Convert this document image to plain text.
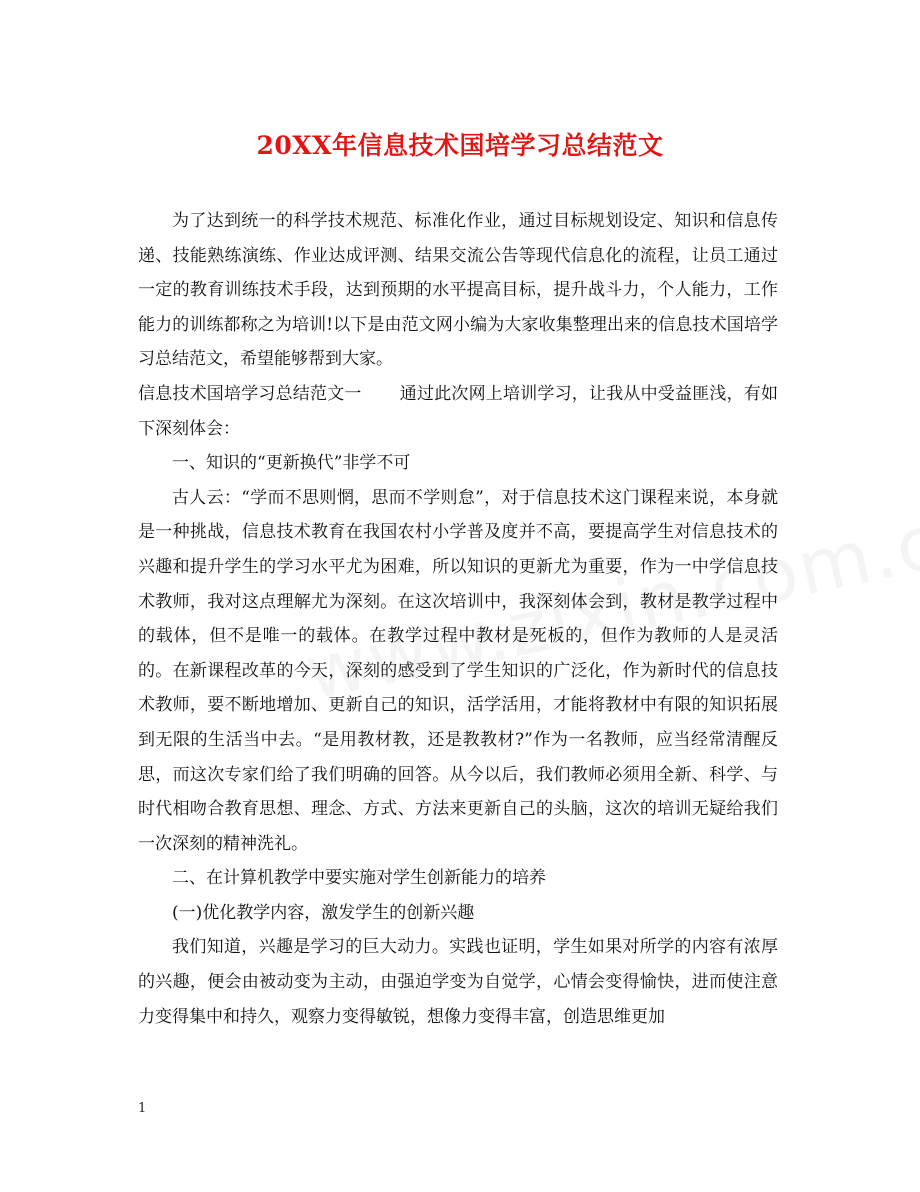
20XX年信息技术国培学习总结范文

为了达到统一的科学技术规范、标准化作业，通过目标规划设定、知识和信息传递、技能熟练演练、作业达成评测、结果交流公告等现代信息化的流程，让员工通过一定的教育训练技术手段，达到预期的水平提高目标，提升战斗力，个人能力，工作能力的训练都称之为培训!以下是由范文网小编为大家收集整理出来的信息技术国培学习总结范文，希望能够帮到大家。

信息技术国培学习总结范文一 通过此次网上培训学习，让我从中受益匪浅，有如下深刻体会：

一、知识的“更新换代”非学不可

古人云：“学而不思则惘，思而不学则怠”，对于信息技术这门课程来说，本身就是一种挑战，信息技术教育在我国农村小学普及度并不高，要提高学生对信息技术的兴趣和提升学生的学习水平尤为困难，所以知识的更新尤为重要，作为一中学信息技术教师，我对这点理解尤为深刻。在这次培训中，我深刻体会到，教材是教学过程中的载体，但不是唯一的载体。在教学过程中教材是死板的，但作为教师的人是灵活的。在新课程改革的今天，深刻的感受到了学生知识的广泛化，作为新时代的信息技术教师，要不断地增加、更新自己的知识，活学活用，才能将教材中有限的知识拓展到无限的生活当中去。“是用教材教，还是教教材?”作为一名教师，应当经常清醒反思，而这次专家们给了我们明确的回答。从今以后，我们教师必须用全新、科学、与时代相吻合教育思想、理念、方式、方法来更新自己的头脑，这次的培训无疑给我们一次深刻的精神洗礼。

二、在计算机教学中要实施对学生创新能力的培养

(一)优化教学内容，激发学生的创新兴趣

我们知道，兴趣是学习的巨大动力。实践也证明，学生如果对所学的内容有浓厚的兴趣，便会由被动变为主动，由强迫学变为自觉学，心情会变得愉快，进而使注意力变得集中和持久，观察力变得敏锐，想像力变得丰富，创造思维更加

1
